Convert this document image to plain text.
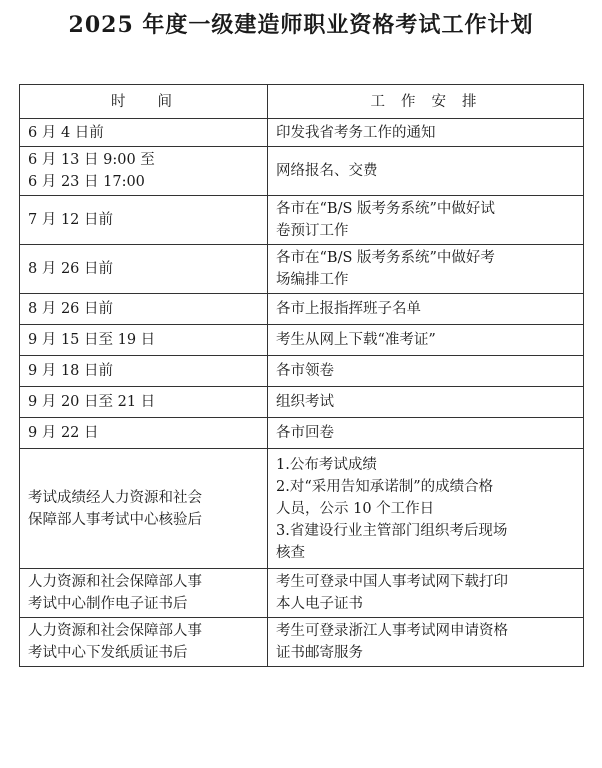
2025 年度一级建造师职业资格考试工作计划
时间	工作安排

6 月 4 日前	印发我省考务工作的通知

6 月 13 日 9:00 至
6 月 23 日 17:00	网络报名、交费

7 月 12 日前	各市在“B/S 版考务系统”中做好试
卷预订工作

8 月 26 日前	各市在“B/S 版考务系统”中做好考
场编排工作

8 月 26 日前	各市上报指挥班子名单

9 月 15 日至 19 日	考生从网上下载“准考证”

9 月 18 日前	各市领卷

9 月 20 日至 21 日	组织考试

9 月 22 日	各市回卷

考试成绩经人力资源和社会
保障部人事考试中心核验后	1.公布考试成绩
2.对“采用告知承诺制”的成绩合格
人员，公示 10 个工作日
3.省建设行业主管部门组织考后现场
核查

人力资源和社会保障部人事
考试中心制作电子证书后	考生可登录中国人事考试网下载打印
本人电子证书

人力资源和社会保障部人事
考试中心下发纸质证书后	考生可登录浙江人事考试网申请资格
证书邮寄服务
